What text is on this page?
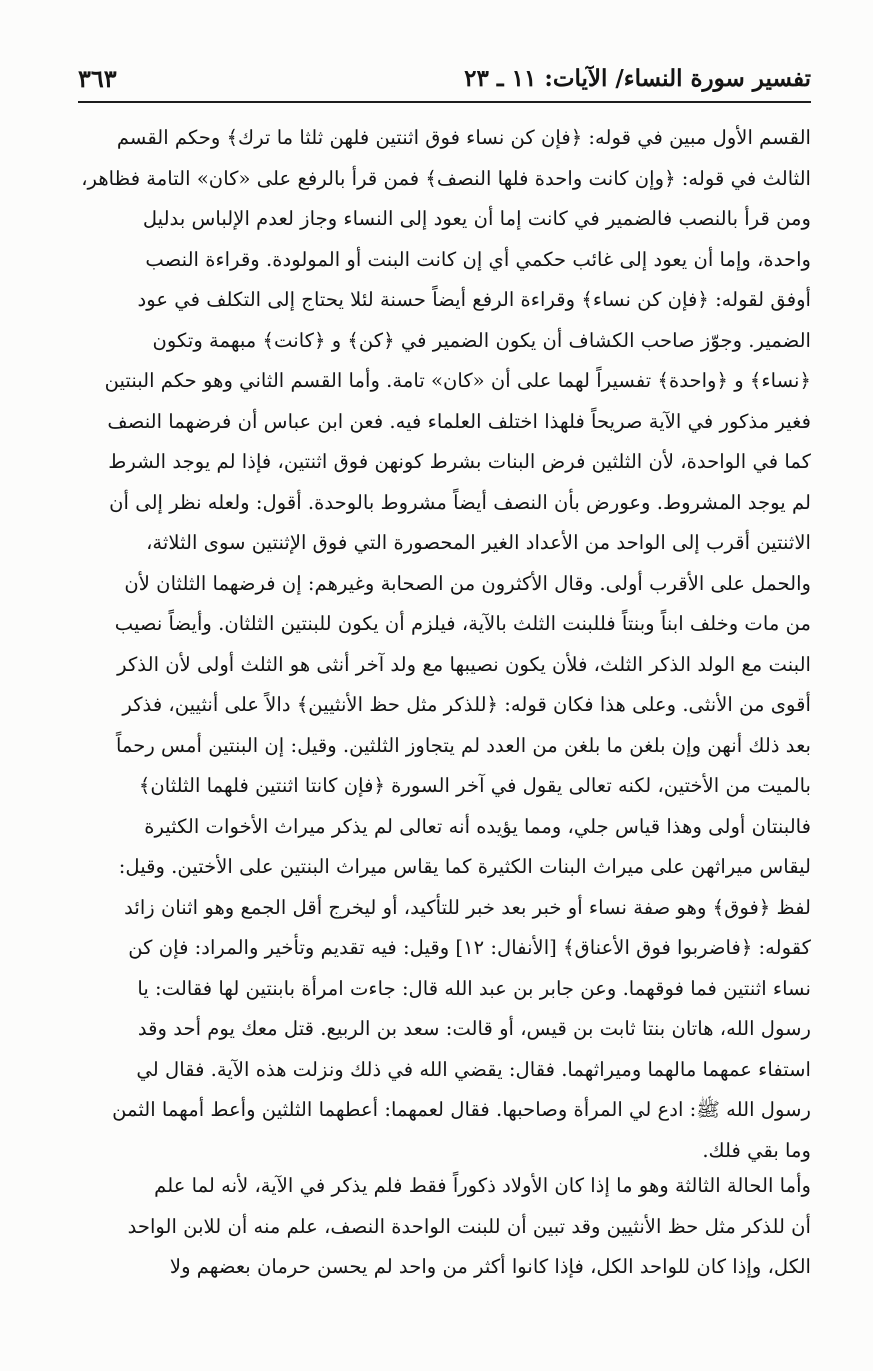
تفسير سورة النساء/ الآيات: ١١ ـ ٢٣
٣٦٣
القسم الأول مبين في قوله: ﴿فإن كن نساء فوق اثنتين فلهن ثلثا ما ترك﴾ وحكم القسم
الثالث في قوله: ﴿وإن كانت واحدة فلها النصف﴾ فمن قرأ بالرفع على «كان» التامة فظاهر،
ومن قرأ بالنصب فالضمير في كانت إما أن يعود إلى النساء وجاز لعدم الإلباس بدليل
واحدة، وإما أن يعود إلى غائب حكمي أي إن كانت البنت أو المولودة. وقراءة النصب
أوفق لقوله: ﴿فإن كن نساء﴾ وقراءة الرفع أيضاً حسنة لئلا يحتاج إلى التكلف في عود
الضمير. وجوّز صاحب الكشاف أن يكون الضمير في ﴿كن﴾ و ﴿كانت﴾ مبهمة وتكون
﴿نساء﴾ و ﴿واحدة﴾ تفسيراً لهما على أن «كان» تامة. وأما القسم الثاني وهو حكم البنتين
فغير مذكور في الآية صريحاً فلهذا اختلف العلماء فيه. فعن ابن عباس أن فرضهما النصف
كما في الواحدة، لأن الثلثين فرض البنات بشرط كونهن فوق اثنتين، فإذا لم يوجد الشرط
لم يوجد المشروط. وعورض بأن النصف أيضاً مشروط بالوحدة. أقول: ولعله نظر إلى أن
الاثنتين أقرب إلى الواحد من الأعداد الغير المحصورة التي فوق الإثنتين سوى الثلاثة،
والحمل على الأقرب أولى. وقال الأكثرون من الصحابة وغيرهم: إن فرضهما الثلثان لأن
من مات وخلف ابناً وبنتاً فللبنت الثلث بالآية، فيلزم أن يكون للبنتين الثلثان. وأيضاً نصيب
البنت مع الولد الذكر الثلث، فلأن يكون نصيبها مع ولد آخر أنثى هو الثلث أولى لأن الذكر
أقوى من الأنثى. وعلى هذا فكان قوله: ﴿للذكر مثل حظ الأنثيين﴾ دالاً على أنثيين، فذكر
بعد ذلك أنهن وإن بلغن ما بلغن من العدد لم يتجاوز الثلثين. وقيل: إن البنتين أمس رحماً
بالميت من الأختين، لكنه تعالى يقول في آخر السورة ﴿فإن كانتا اثنتين فلهما الثلثان﴾
فالبنتان أولى وهذا قياس جلي، ومما يؤيده أنه تعالى لم يذكر ميراث الأخوات الكثيرة
ليقاس ميراثهن على ميراث البنات الكثيرة كما يقاس ميراث البنتين على الأختين. وقيل:
لفظ ﴿فوق﴾ وهو صفة نساء أو خبر بعد خبر للتأكيد، أو ليخرج أقل الجمع وهو اثنان زائد
كقوله: ﴿فاضربوا فوق الأعناق﴾ [الأنفال: ١٢] وقيل: فيه تقديم وتأخير والمراد: فإن كن
نساء اثنتين فما فوقهما. وعن جابر بن عبد الله قال: جاءت امرأة بابنتين لها فقالت: يا
رسول الله، هاتان بنتا ثابت بن قيس، أو قالت: سعد بن الربيع. قتل معك يوم أحد وقد
استفاء عمهما مالهما وميراثهما. فقال: يقضي الله في ذلك ونزلت هذه الآية. فقال لي
رسول الله ﷺ: ادع لي المرأة وصاحبها. فقال لعمهما: أعطهما الثلثين وأعط أمهما الثمن
وما بقي فلك.
وأما الحالة الثالثة وهو ما إذا كان الأولاد ذكوراً فقط فلم يذكر في الآية، لأنه لما علم
أن للذكر مثل حظ الأنثيين وقد تبين أن للبنت الواحدة النصف، علم منه أن للابن الواحد
الكل، وإذا كان للواحد الكل، فإذا كانوا أكثر من واحد لم يحسن حرمان بعضهم ولا
